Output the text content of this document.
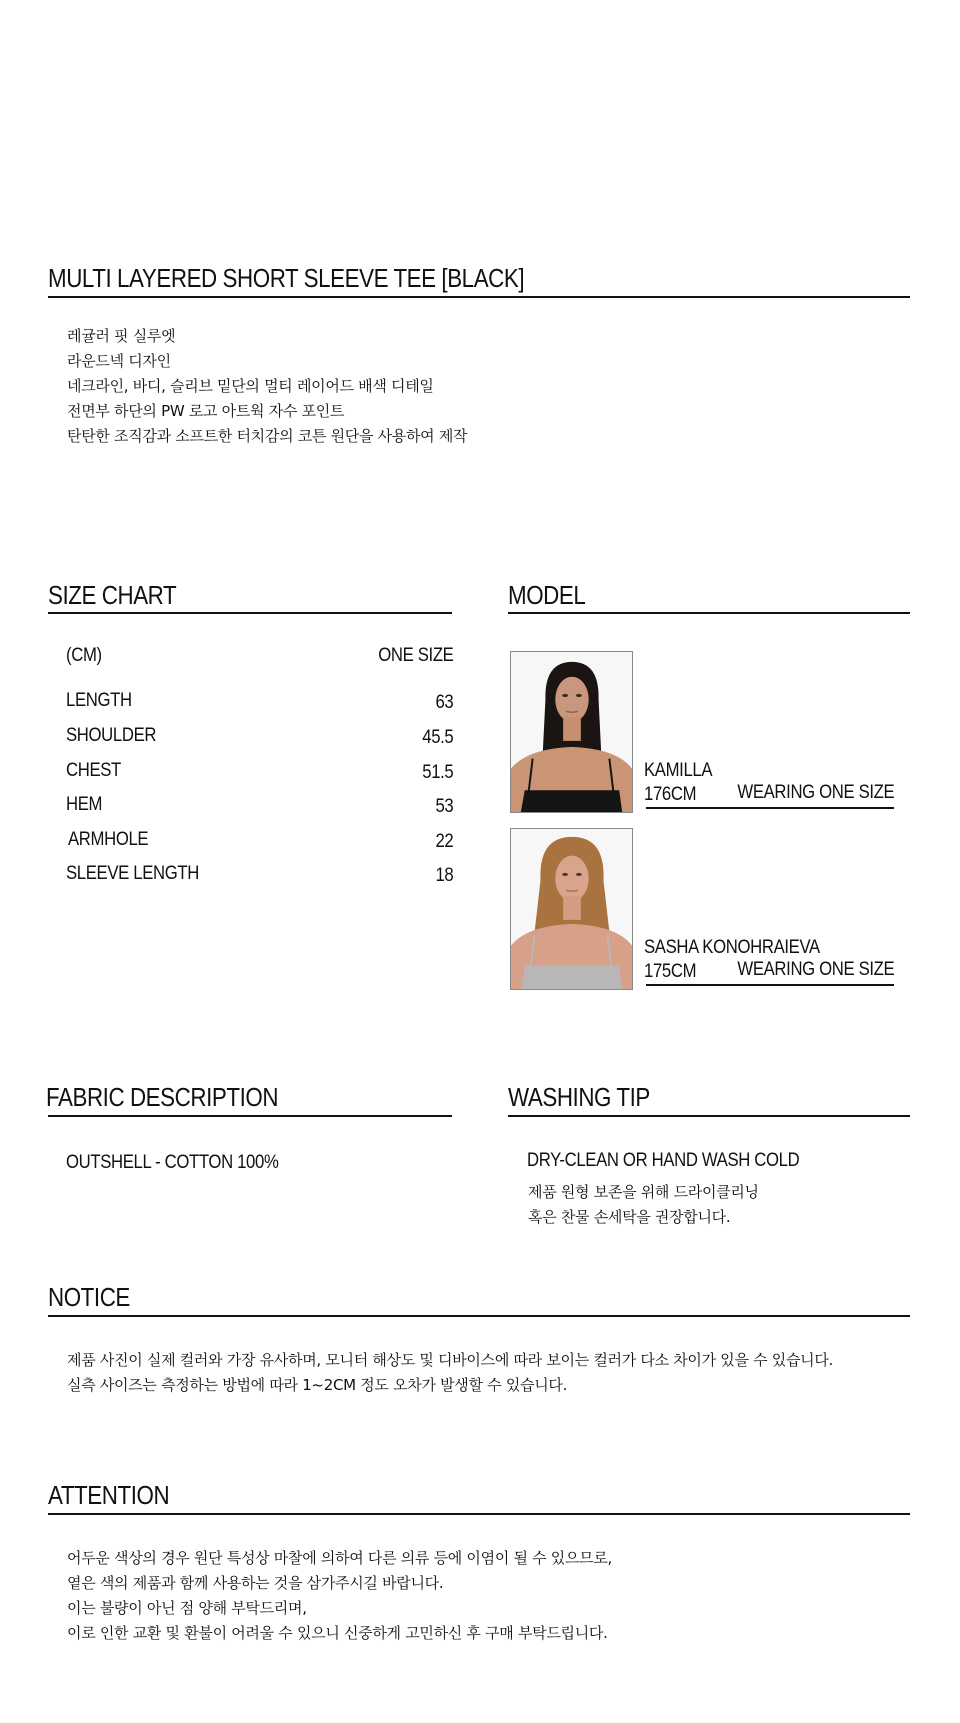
MULTI LAYERED SHORT SLEEVE TEE [BLACK]
레귤러 핏 실루엣
라운드넥 디자인
네크라인, 바디, 슬리브 밑단의 멀티 레이어드 배색 디테일
전면부 하단의 PW 로고 아트웍 자수 포인트
탄탄한 조직감과 소프트한 터치감의 코튼 원단을 사용하여 제작
SIZE CHART
(CM)	ONE SIZE
LENGTH	63
SHOULDER	45.5
CHEST	51.5
HEM	53
ARMHOLE	22
SLEEVE LENGTH	18
MODEL
KAMILLA
176CM WEARING ONE SIZE
SASHA KONOHRAIEVA
175CM WEARING ONE SIZE
FABRIC DESCRIPTION
OUTSHELL - COTTON 100%
WASHING TIP
DRY-CLEAN OR HAND WASH COLD
제품 원형 보존을 위해 드라이클리닝
혹은 찬물 손세탁을 권장합니다.
NOTICE
제품 사진이 실제 컬러와 가장 유사하며, 모니터 해상도 및 디바이스에 따라 보이는 컬러가 다소 차이가 있을 수 있습니다.
실측 사이즈는 측정하는 방법에 따라 1~2CM 정도 오차가 발생할 수 있습니다.
ATTENTION
어두운 색상의 경우 원단 특성상 마찰에 의하여 다른 의류 등에 이염이 될 수 있으므로,
옅은 색의 제품과 함께 사용하는 것을 삼가주시길 바랍니다.
이는 불량이 아닌 점 양해 부탁드리며,
이로 인한 교환 및 환불이 어려울 수 있으니 신중하게 고민하신 후 구매 부탁드립니다.
